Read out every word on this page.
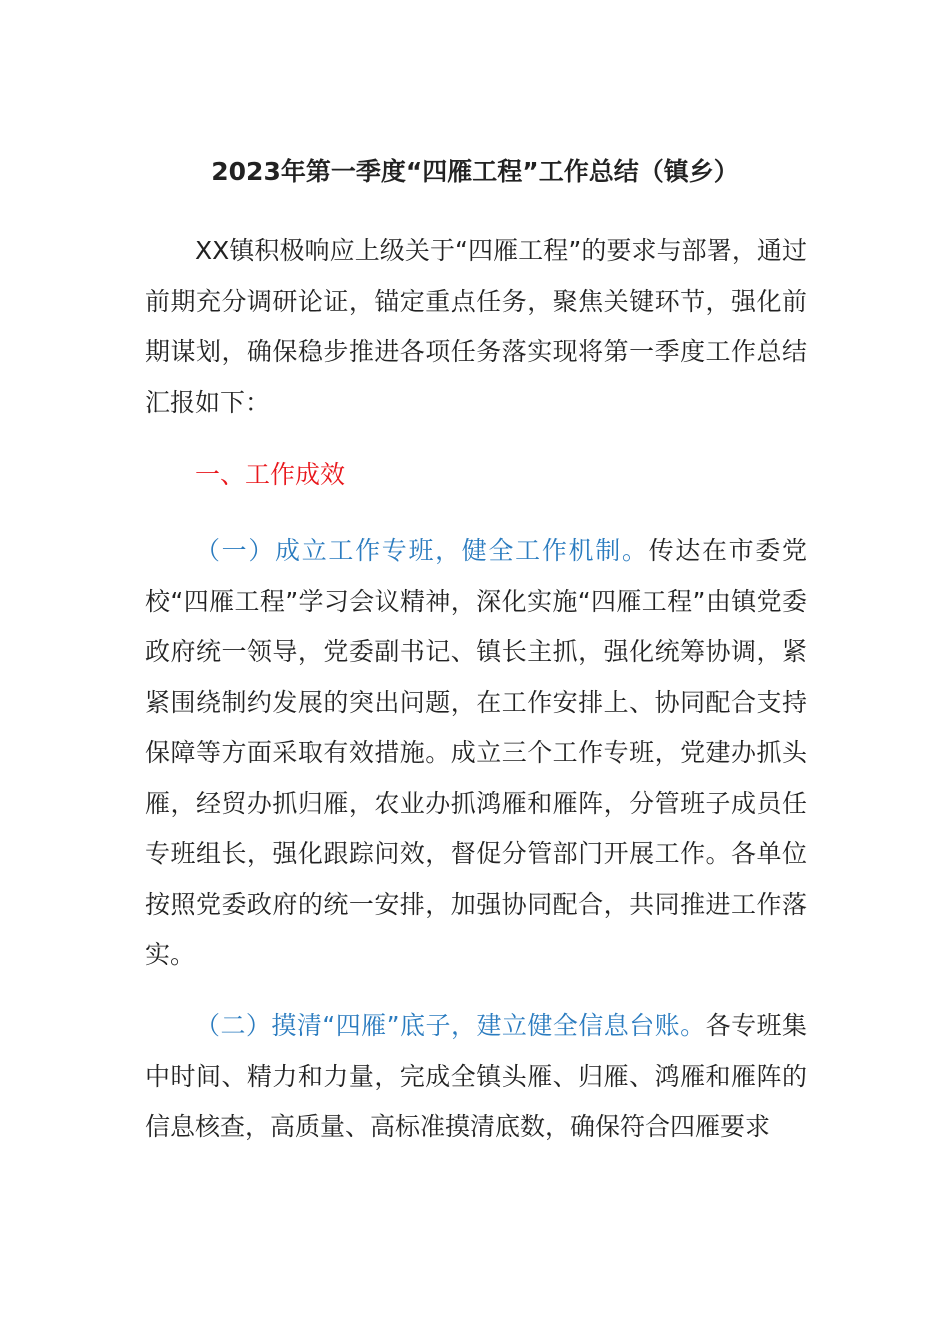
2023年第一季度“四雁工程”工作总结（镇乡）

XX镇积极响应上级关于“四雁工程”的要求与部署，通过前期充分调研论证，锚定重点任务，聚焦关键环节，强化前期谋划，确保稳步推进各项任务落实现将第一季度工作总结汇报如下：

一、工作成效

（一）成立工作专班，健全工作机制。传达在市委党校“四雁工程”学习会议精神，深化实施“四雁工程”由镇党委政府统一领导，党委副书记、镇长主抓，强化统筹协调，紧紧围绕制约发展的突出问题，在工作安排上、协同配合支持保障等方面采取有效措施。成立三个工作专班，党建办抓头雁，经贸办抓归雁，农业办抓鸿雁和雁阵，分管班子成员任专班组长，强化跟踪问效，督促分管部门开展工作。各单位按照党委政府的统一安排，加强协同配合，共同推进工作落实。

（二）摸清“四雁”底子，建立健全信息台账。各专班集中时间、精力和力量，完成全镇头雁、归雁、鸿雁和雁阵的信息核查，高质量、高标准摸清底数，确保符合四雁要求
